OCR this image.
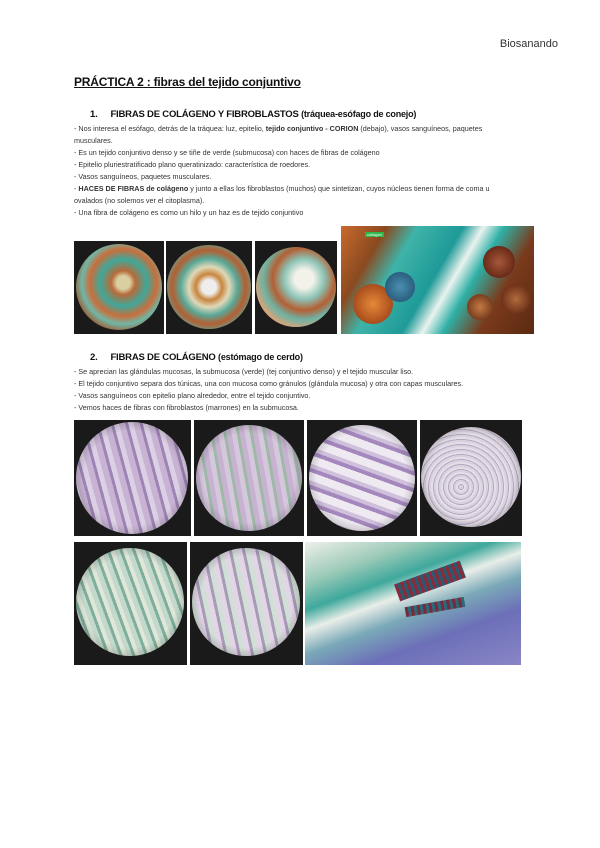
Biosanando
PRÁCTICA 2 : fibras del tejido conjuntivo
1. FIBRAS DE COLÁGENO Y FIBROBLASTOS (tráquea-esófago de conejo)

- Nos interesa el esófago, detrás de la tráquea: luz, epitelio, tejido conjuntivo - CORION (debajo), vasos sanguíneos, paquetes

musculares.

- Es un tejido conjuntivo denso y se tiñe de verde (submucosa) con haces de fibras de colágeno

- Epitelio pluriestratificado plano queratinizado: característica de roedores.

- Vasos sanguíneos, paquetes musculares.

- HACES DE FIBRAS de colágeno y junto a ellas los fibroblastos (muchos) que sintetizan, cuyos núcleos tienen forma de coma u

ovalados (no solemos ver el citoplasma).

- Una fibra de colágeno es como un hilo y un haz es de tejido conjuntivo

collagen
2. FIBRAS DE COLÁGENO (estómago de cerdo)

- Se aprecian las glándulas mucosas, la submucosa (verde) (tej conjuntivo denso) y el tejido muscular liso.

- El tejido conjuntivo separa dos túnicas, una con mucosa como gránulos (glándula mucosa) y otra con capas musculares.

- Vasos sanguíneos con epitelio plano alrededor, entre el tejido conjuntivo.

- Vemos haces de fibras con fibroblastos (marrones) en la submucosa.
